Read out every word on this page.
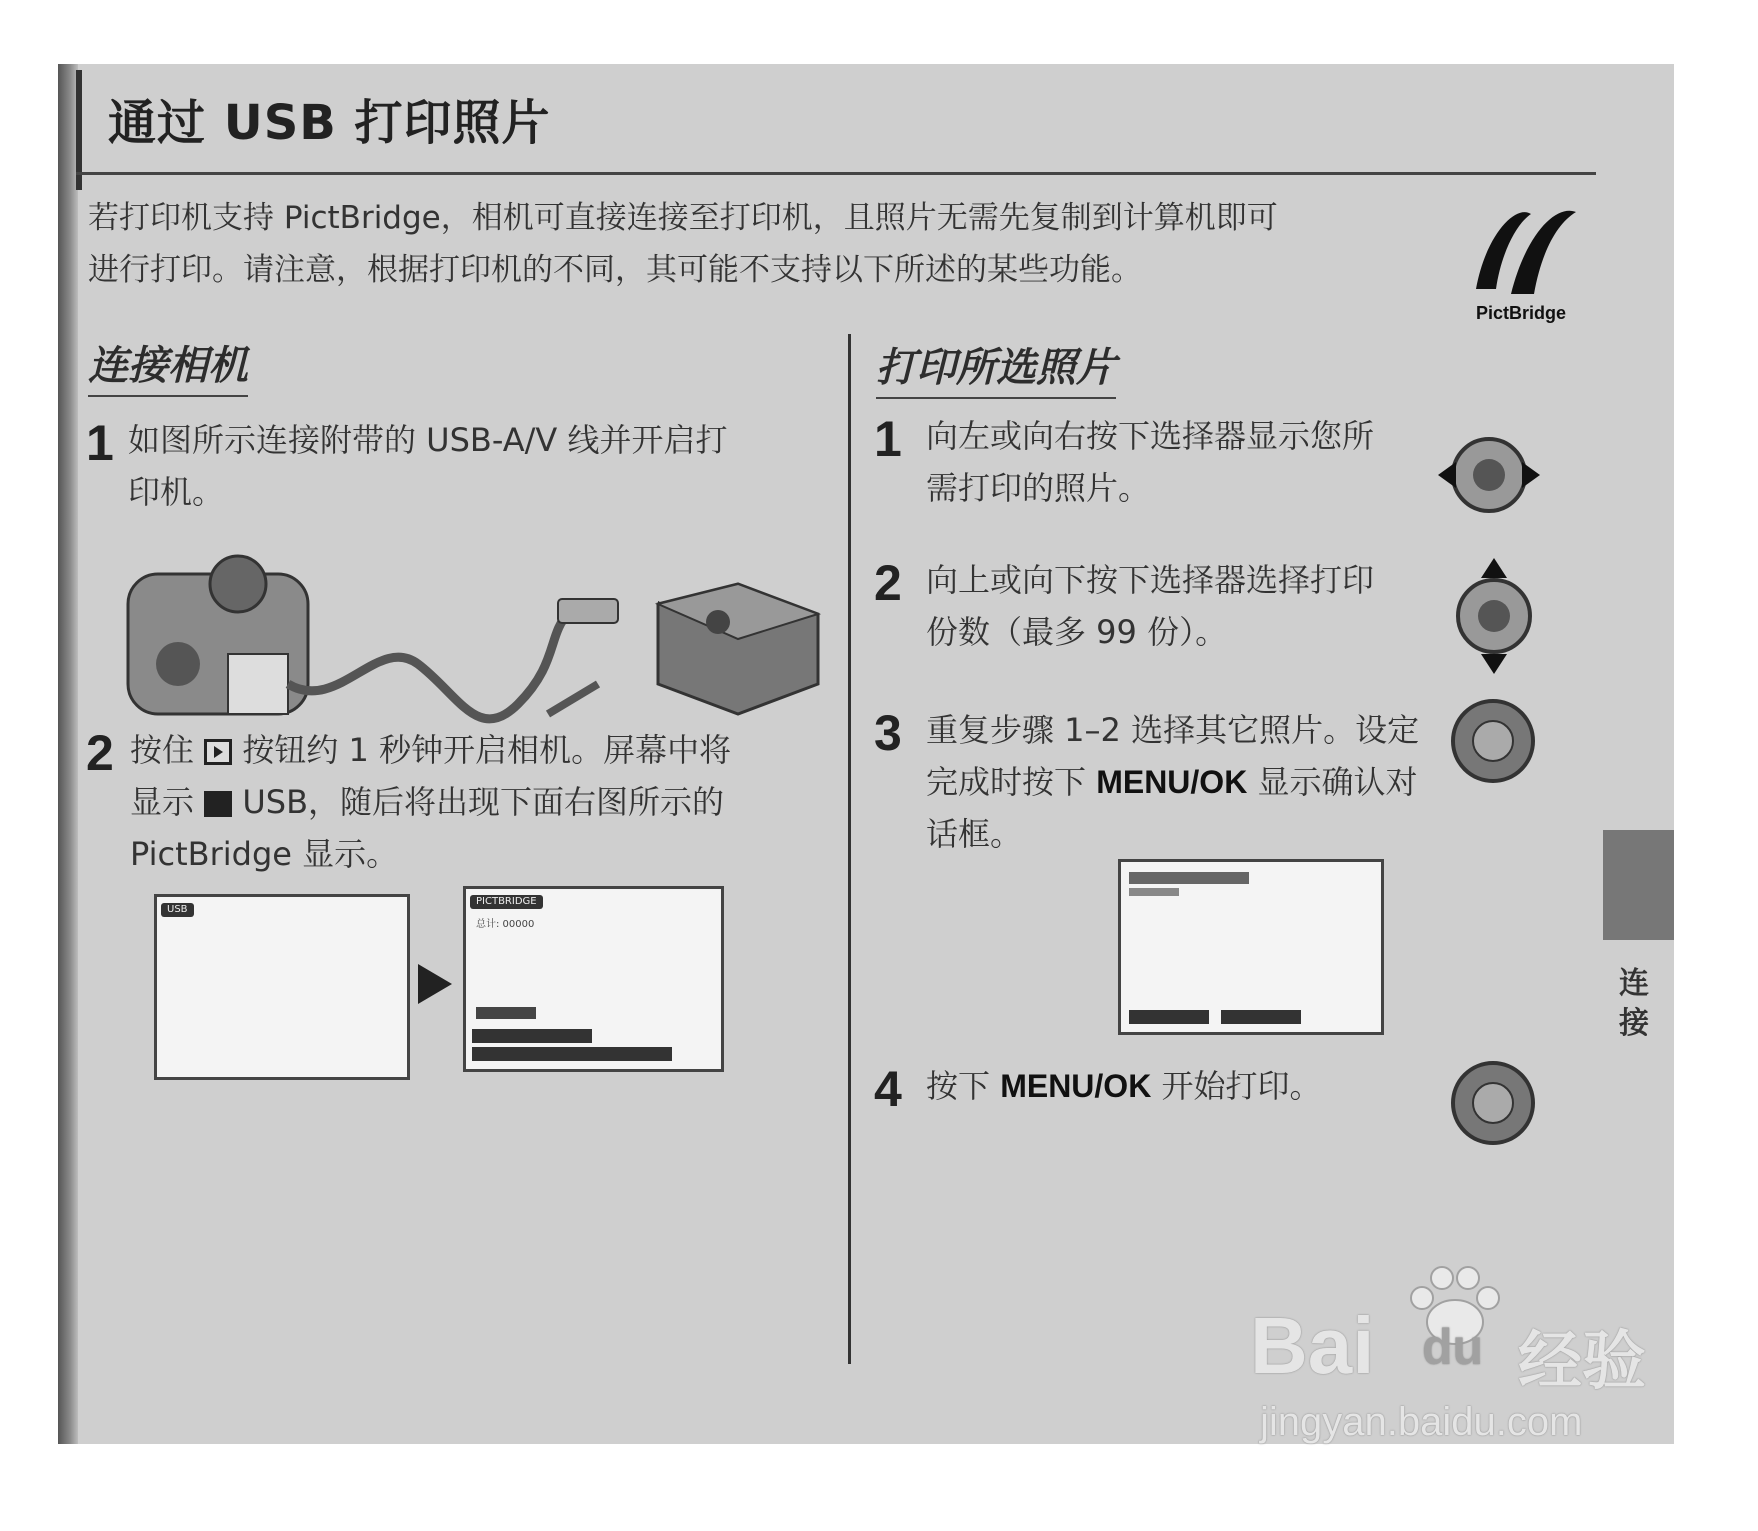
通过 USB 打印照片
若打印机支持 PictBridge，相机可直接连接至打印机，且照片无需先复制到计算机即可
进行打印。请注意，根据打印机的不同，其可能不支持以下所述的某些功能。
PictBridge
连接相机
1 如图所示连接附带的 USB-A/V 线并开启打
印机。
2 按住 按钮约 1 秒钟开启相机。屏幕中将
显示 USB，随后将出现下面右图所示的
PictBridge 显示。
USB
PICTBRIDGE
总计: 00000
打印所选照片
1 向左或向右按下选择器显示您所
需打印的照片。
2 向上或向下按下选择器选择打印
份数（最多 99 份）。
3 重复步骤 1–2 选择其它照片。设定
完成时按下 MENU/OK 显示确认对
话框。
4 按下 MENU/OK 开始打印。
连接
Bai du 经验
jingyan.baidu.com
